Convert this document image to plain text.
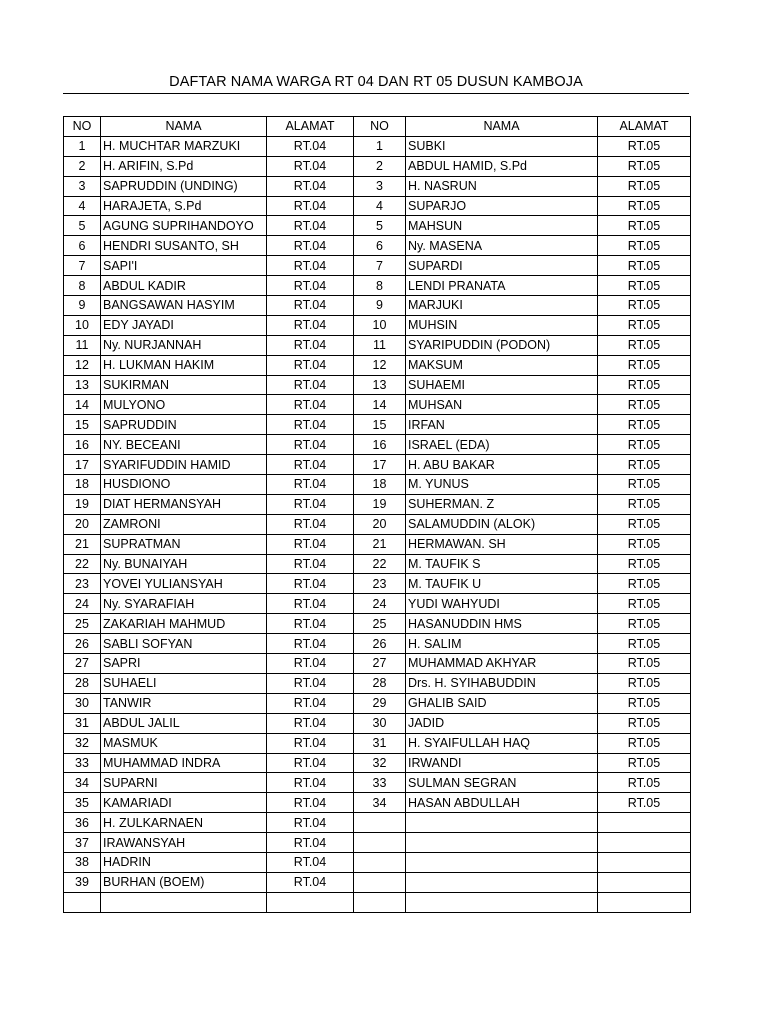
DAFTAR NAMA WARGA RT 04 DAN RT 05 DUSUN KAMBOJA
NO	NAMA	ALAMAT	NO	NAMA	ALAMAT
1	H. MUCHTAR MARZUKI	RT.04	1	SUBKI	RT.05
2	H. ARIFIN, S.Pd	RT.04	2	ABDUL HAMID, S.Pd	RT.05
3	SAPRUDDIN (UNDING)	RT.04	3	H. NASRUN	RT.05
4	HARAJETA, S.Pd	RT.04	4	SUPARJO	RT.05
5	AGUNG SUPRIHANDOYO	RT.04	5	MAHSUN	RT.05
6	HENDRI SUSANTO, SH	RT.04	6	Ny. MASENA	RT.05
7	SAPI'I	RT.04	7	SUPARDI	RT.05
8	ABDUL KADIR	RT.04	8	LENDI PRANATA	RT.05
9	BANGSAWAN HASYIM	RT.04	9	MARJUKI	RT.05
10	EDY JAYADI	RT.04	10	MUHSIN	RT.05
11	Ny. NURJANNAH	RT.04	11	SYARIPUDDIN (PODON)	RT.05
12	H. LUKMAN HAKIM	RT.04	12	MAKSUM	RT.05
13	SUKIRMAN	RT.04	13	SUHAEMI	RT.05
14	MULYONO	RT.04	14	MUHSAN	RT.05
15	SAPRUDDIN	RT.04	15	IRFAN	RT.05
16	NY. BECEANI	RT.04	16	ISRAEL (EDA)	RT.05
17	SYARIFUDDIN HAMID	RT.04	17	H. ABU BAKAR	RT.05
18	HUSDIONO	RT.04	18	M. YUNUS	RT.05
19	DIAT HERMANSYAH	RT.04	19	SUHERMAN. Z	RT.05
20	ZAMRONI	RT.04	20	SALAMUDDIN (ALOK)	RT.05
21	SUPRATMAN	RT.04	21	HERMAWAN. SH	RT.05
22	Ny. BUNAIYAH	RT.04	22	M. TAUFIK S	RT.05
23	YOVEI YULIANSYAH	RT.04	23	M. TAUFIK U	RT.05
24	Ny. SYARAFIAH	RT.04	24	YUDI WAHYUDI	RT.05
25	ZAKARIAH MAHMUD	RT.04	25	HASANUDDIN HMS	RT.05
26	SABLI SOFYAN	RT.04	26	H. SALIM	RT.05
27	SAPRI	RT.04	27	MUHAMMAD AKHYAR	RT.05
28	SUHAELI	RT.04	28	Drs. H. SYIHABUDDIN	RT.05
30	TANWIR	RT.04	29	GHALIB SAID	RT.05
31	ABDUL JALIL	RT.04	30	JADID	RT.05
32	MASMUK	RT.04	31	H. SYAIFULLAH HAQ	RT.05
33	MUHAMMAD INDRA	RT.04	32	IRWANDI	RT.05
34	SUPARNI	RT.04	33	SULMAN SEGRAN	RT.05
35	KAMARIADI	RT.04	34	HASAN ABDULLAH	RT.05
36	H. ZULKARNAEN	RT.04			
37	IRAWANSYAH	RT.04			
38	HADRIN	RT.04			
39	BURHAN (BOEM)	RT.04			
